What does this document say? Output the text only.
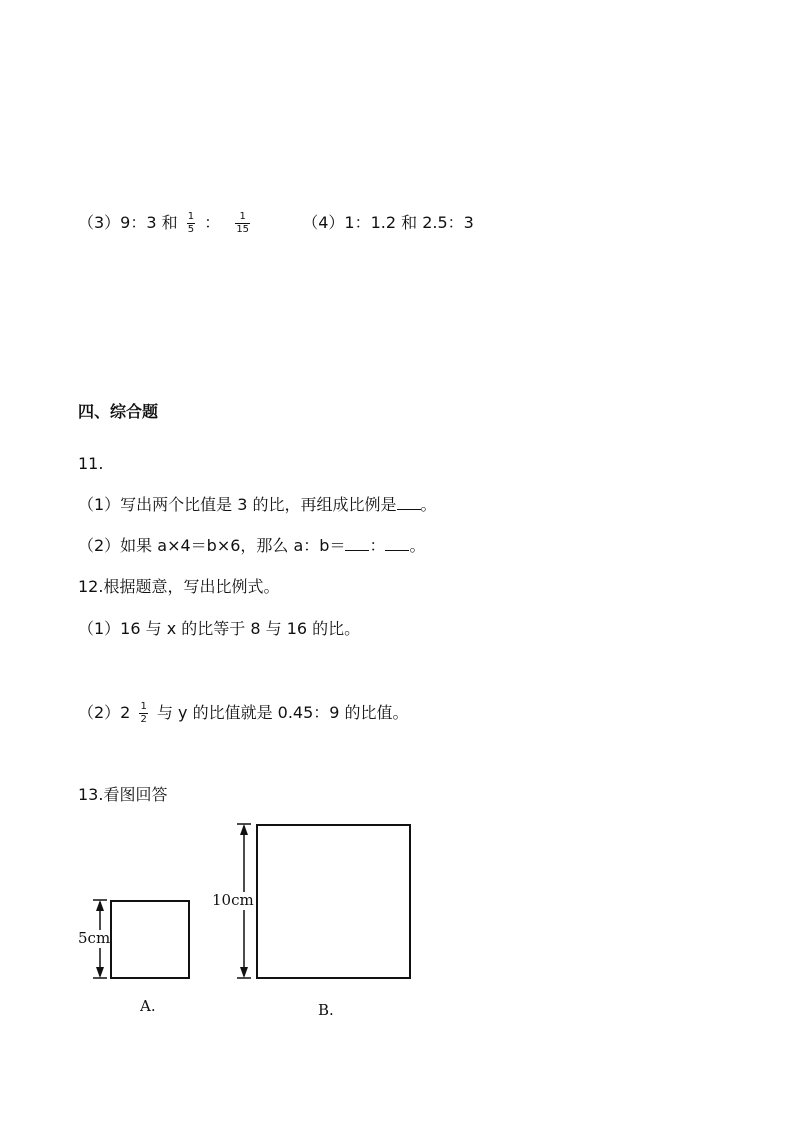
（3）9：3 和 $\frac{1}{5}$ ： $\frac{1}{15}$	（4）1：1.2 和 2.5：3
四、综合题
11.
（1）写出两个比值是 3 的比，再组成比例是 。
（2）如果 a×4＝b×6，那么 a：b＝ ： 。
12.根据题意，写出比例式。
（1）16 与 x 的比等于 8 与 16 的比。
$(2)2 \frac{1}{2}$ 与 y 的比值就是 0.45：9 的比值。
13.看图回答
5cm
A.
10cm
B.
